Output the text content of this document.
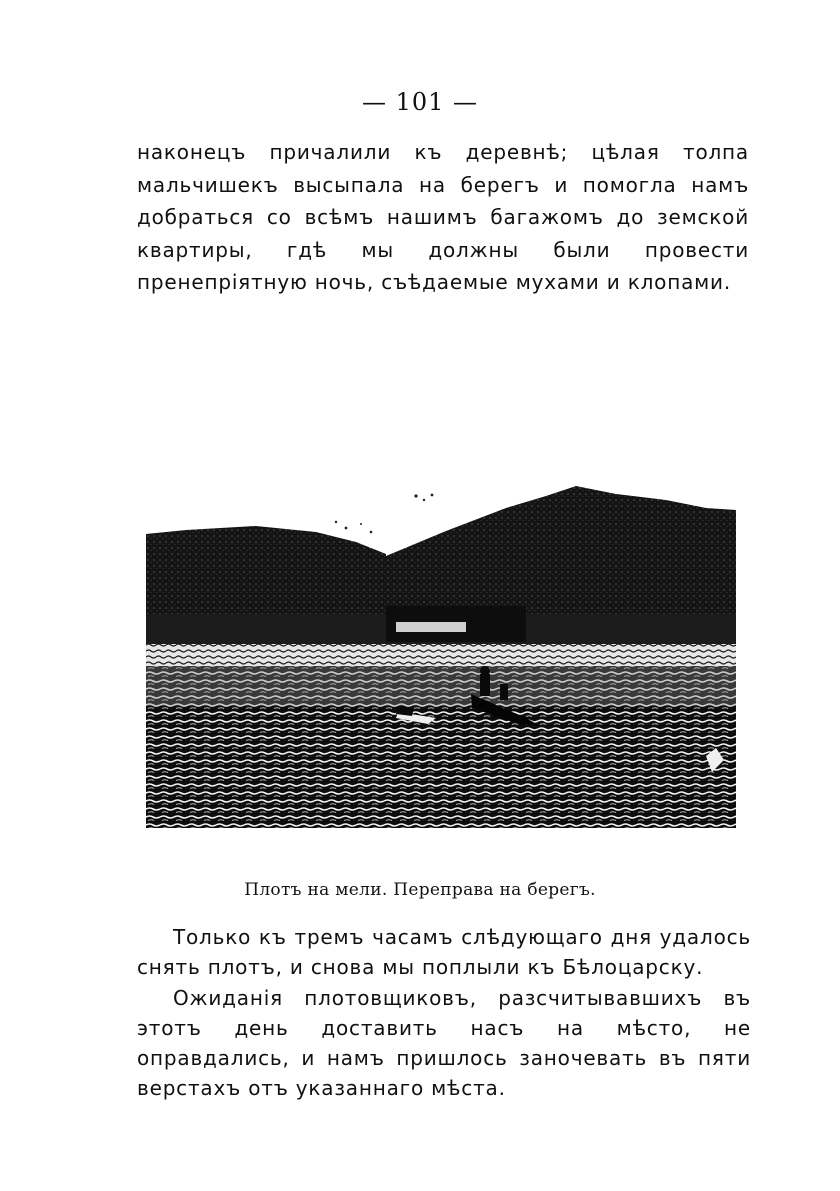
— 101 —
наконецъ причалили къ деревнѣ; цѣлая толпа мальчишекъ высыпала на берегъ и помогла намъ добраться со всѣмъ нашимъ багажомъ до земской квартиры, гдѣ мы должны были провести пренепріятную ночь, съѣдаемые мухами и клопами.
Плотъ на мели. Переправа на берегъ.
Только къ тремъ часамъ слѣдующаго дня удалось снять плотъ, и снова мы поплыли къ Бѣлоцарску.
Ожиданія плотовщиковъ, разсчитывавшихъ въ этотъ день доставить насъ на мѣсто, не оправдались, и намъ пришлось заночевать въ пяти верстахъ отъ указаннаго мѣста.
